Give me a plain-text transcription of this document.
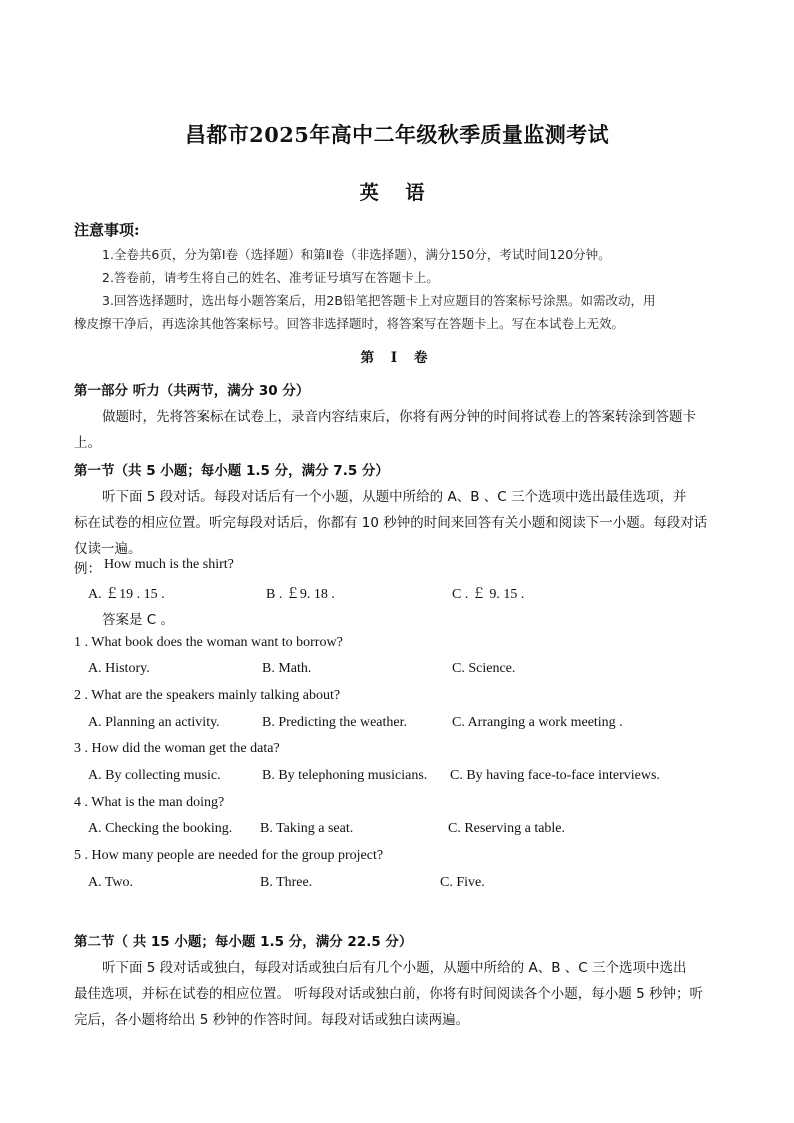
昌都市2025年高中二年级秋季质量监测考试
英 语
注意事项:
1.全卷共6页，分为第Ⅰ卷（选择题）和第Ⅱ卷（非选择题），满分150分，考试时间120分钟。
2.答卷前，请考生将自己的姓名、准考证号填写在答题卡上。
3.回答选择题时，选出每小题答案后，用2B铅笔把答题卡上对应题目的答案标号涂黑。如需改动，用
橡皮擦干净后，再选涂其他答案标号。回答非选择题时，将答案写在答题卡上。写在本试卷上无效。
第 Ⅰ 卷
第一部分 听力（共两节，满分 30 分）
做题时，先将答案标在试卷上，录音内容结束后，你将有两分钟的时间将试卷上的答案转涂到答题卡
上。
第一节（共 5 小题；每小题 1.5 分，满分 7.5 分）
听下面 5 段对话。每段对话后有一个小题，从题中所给的 A、B 、C 三个选项中选出最佳选项，并
标在试卷的相应位置。听完每段对话后，你都有 10 秒钟的时间来回答有关小题和阅读下一小题。每段对话
仅读一遍。
例： How much is the shirt?
A. ￡19 . 15 .	B . ￡9. 18 .	C . ￡ 9. 15 .
答案是 C 。
1 . What book does the woman want to borrow?
A. History.	B. Math.	C. Science.
2 . What are the speakers mainly talking about?
A. Planning an activity.	B. Predicting the weather.	C. Arranging a work meeting .
3 . How did the woman get the data?
A. By collecting music.	B. By telephoning musicians. C. By having face-to-face interviews.
4 . What is the man doing?
A. Checking the booking. B. Taking a seat.	C. Reserving a table.
5 . How many people are needed for the group project?
A. Two.	B. Three.	C. Five.
第二节（ 共 15 小题；每小题 1.5 分，满分 22.5 分）
听下面 5 段对话或独白，每段对话或独白后有几个小题，从题中所给的 A、B 、C 三个选项中选出
最佳选项，并标在试卷的相应位置。 听每段对话或独白前，你将有时间阅读各个小题，每小题 5 秒钟；听
完后，各小题将给出 5 秒钟的作答时间。每段对话或独白读两遍。
